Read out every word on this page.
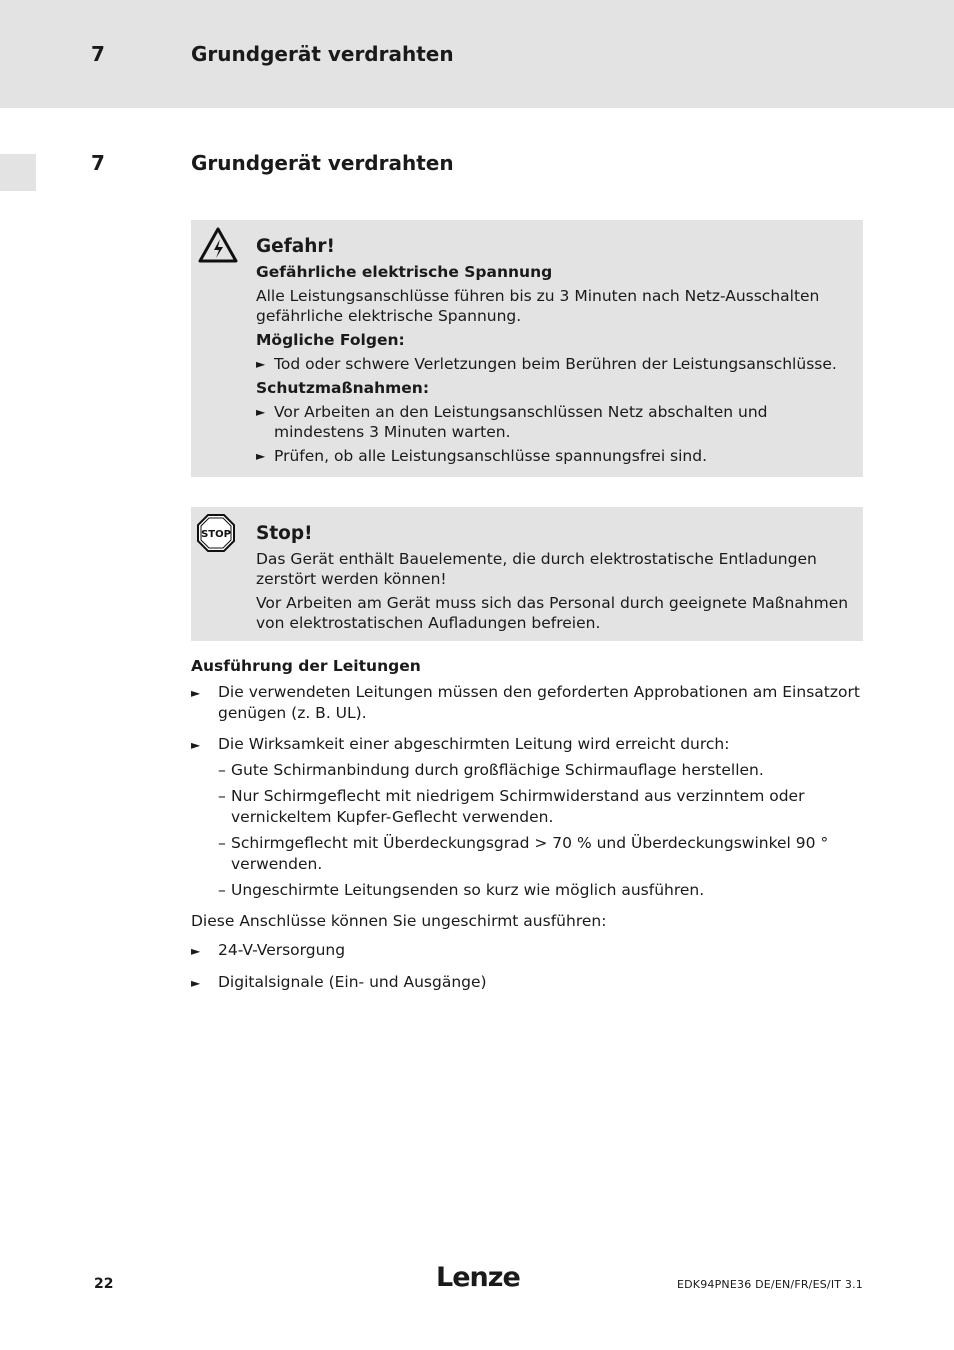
7	Grundgerät verdrahten
7	Grundgerät verdrahten
Gefahr!
Gefährliche elektrische Spannung
Alle Leistungsanschlüsse führen bis zu 3 Minuten nach Netz-Ausschalten gefährliche elektrische Spannung.
Mögliche Folgen:
► Tod oder schwere Verletzungen beim Berühren der Leistungsanschlüsse.
Schutzmaßnahmen:
► Vor Arbeiten an den Leistungsanschlüssen Netz abschalten und mindestens 3 Minuten warten.
► Prüfen, ob alle Leistungsanschlüsse spannungsfrei sind.
STOP Stop!
Das Gerät enthält Bauelemente, die durch elektrostatische Entladungen zerstört werden können!
Vor Arbeiten am Gerät muss sich das Personal durch geeignete Maßnahmen von elektrostatischen Aufladungen befreien.
Ausführung der Leitungen
►	Die verwendeten Leitungen müssen den geforderten Approbationen am Einsatzort genügen (z. B. UL).
►	Die Wirksamkeit einer abgeschirmten Leitung wird erreicht durch:
– Gute Schirmanbindung durch großflächige Schirmauflage herstellen.
– Nur Schirmgeflecht mit niedrigem Schirmwiderstand aus verzinntem oder vernickeltem Kupfer-Geflecht verwenden.
– Schirmgeflecht mit Überdeckungsgrad > 70 % und Überdeckungswinkel 90 ° verwenden.
– Ungeschirmte Leitungsenden so kurz wie möglich ausführen.
Diese Anschlüsse können Sie ungeschirmt ausführen:
►	24-V-Versorgung
►	Digitalsignale (Ein- und Ausgänge)
22	Lenze	EDK94PNE36 DE/EN/FR/ES/IT 3.1
